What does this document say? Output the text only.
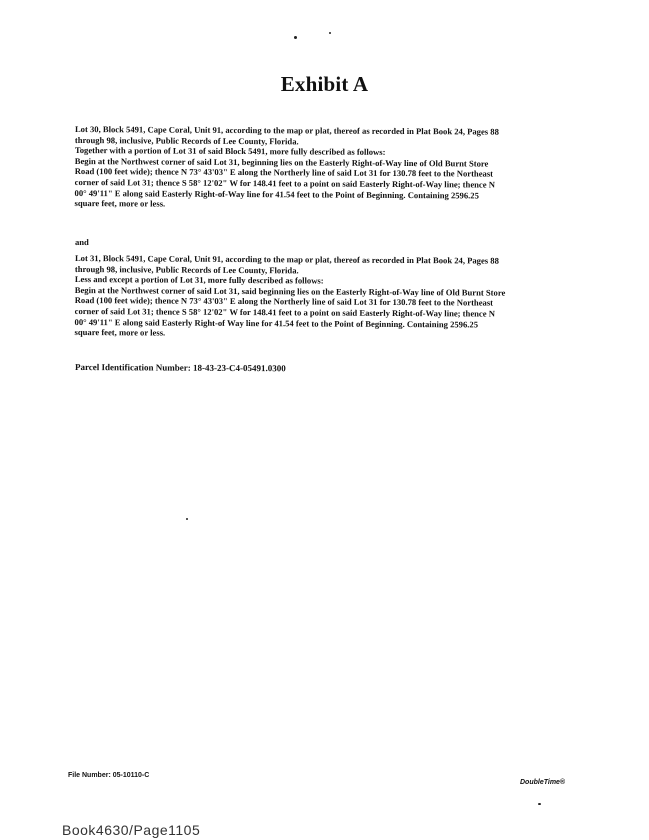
Exhibit A

Lot 30, Block 5491, Cape Coral, Unit 91, according to the map or plat, thereof as recorded in Plat Book 24, Pages 88

through 98, inclusive, Public Records of Lee County, Florida.

Together with a portion of Lot 31 of said Block 5491, more fully described as follows:

Begin at the Northwest corner of said Lot 31, beginning lies on the Easterly Right-of-Way line of Old Burnt Store

Road (100 feet wide); thence N 73° 43'03" E along the Northerly line of said Lot 31 for 130.78 feet to the Northeast

corner of said Lot 31; thence S 58° 12'02" W for 148.41 feet to a point on said Easterly Right-of-Way line; thence N

00° 49'11" E along said Easterly Right-of-Way line for 41.54 feet to the Point of Beginning. Containing 2596.25

square feet, more or less.

and

Lot 31, Block 5491, Cape Coral, Unit 91, according to the map or plat, thereof as recorded in Plat Book 24, Pages 88

through 98, inclusive, Public Records of Lee County, Florida.

Less and except a portion of Lot 31, more fully described as follows:

Begin at the Northwest corner of said Lot 31, said beginning lies on the Easterly Right-of-Way line of Old Burnt Store

Road (100 feet wide); thence N 73° 43'03" E along the Northerly line of said Lot 31 for 130.78 feet to the Northeast

corner of said Lot 31; thence S 58° 12'02" W for 148.41 feet to a point on said Easterly Right-of-Way line; thence N

00° 49'11" E along said Easterly Right-of Way line for 41.54 feet to the Point of Beginning. Containing 2596.25

square feet, more or less.

Parcel Identification Number: 18-43-23-C4-05491.0300
File Number: 05-10110-C
DoubleTime®
Book4630/Page1105
